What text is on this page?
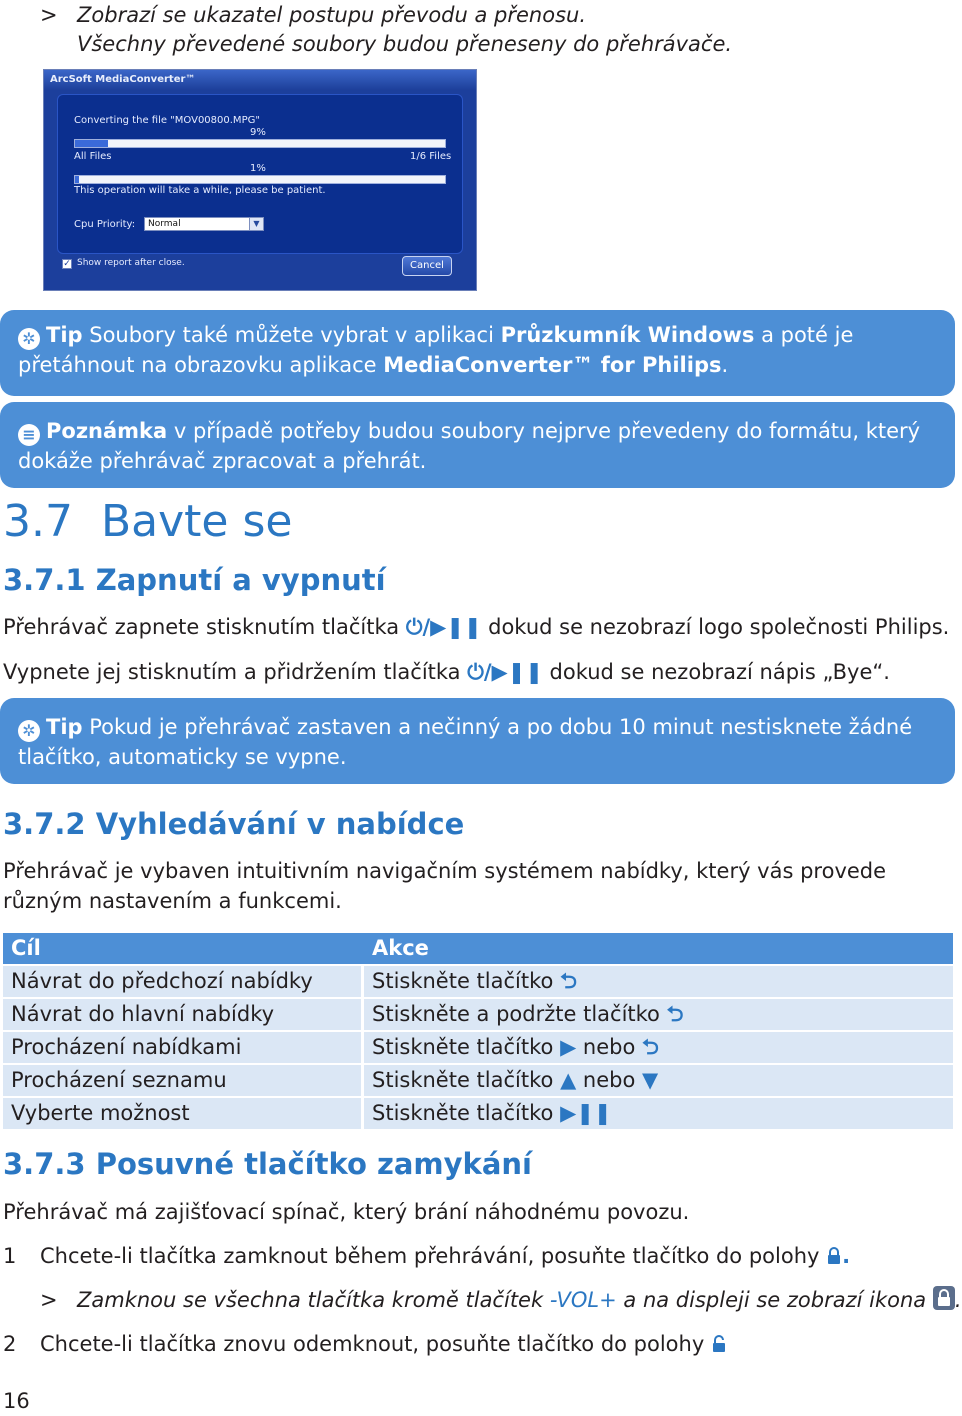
> Zobrazí se ukazatel postupu převodu a přenosu.
Všechny převedené soubory budou přeneseny do přehrávače.
ArcSoft MediaConverter™
Converting the file "MOV00800.MPG"
9%
All Files	1/6 Files
1%
This operation will take a while, please be patient.
Cpu Priority:	Normal	▼
✓ Show report after close.	Cancel
✲ Tip Soubory také můžete vybrat v aplikaci Průzkumník Windows a poté je přetáhnout na obrazovku aplikace MediaConverter™ for Philips.
≡ Poznámka v případě potřeby budou soubory nejprve převedeny do formátu, který dokáže přehrávač zpracovat a přehrát.
3.7 Bavte se
3.7.1 Zapnutí a vypnutí
Přehrávač zapnete stisknutím tlačítka ⏻/▶❚❚ dokud se nezobrazí logo společnosti Philips.
Vypnete jej stisknutím a přidržením tlačítka ⏻/▶❚❚ dokud se nezobrazí nápis „Bye“.
✲ Tip Pokud je přehrávač zastaven a nečinný a po dobu 10 minut nestisknete žádné tlačítko, automaticky se vypne.
3.7.2 Vyhledávání v nabídce
Přehrávač je vybaven intuitivním navigačním systémem nabídky, který vás provede různým nastavením a funkcemi.
Cíl	Akce
Návrat do předchozí nabídky	Stiskněte tlačítko ⮌
Návrat do hlavní nabídky	Stiskněte a podržte tlačítko ⮌
Procházení nabídkami	Stiskněte tlačítko ▶ nebo ⮌
Procházení seznamu	Stiskněte tlačítko ▲ nebo ▼
Vyberte možnost	Stiskněte tlačítko ▶❚❚
3.7.3 Posuvné tlačítko zamykání
Přehrávač má zajišťovací spínač, který brání náhodnému povozu.
1 Chcete-li tlačítka zamknout během přehrávání, posuňte tlačítko do polohy .
> Zamknou se všechna tlačítka kromě tlačítek -VOL+ a na displeji se zobrazí ikona .
2 Chcete-li tlačítka znovu odemknout, posuňte tlačítko do polohy
16
